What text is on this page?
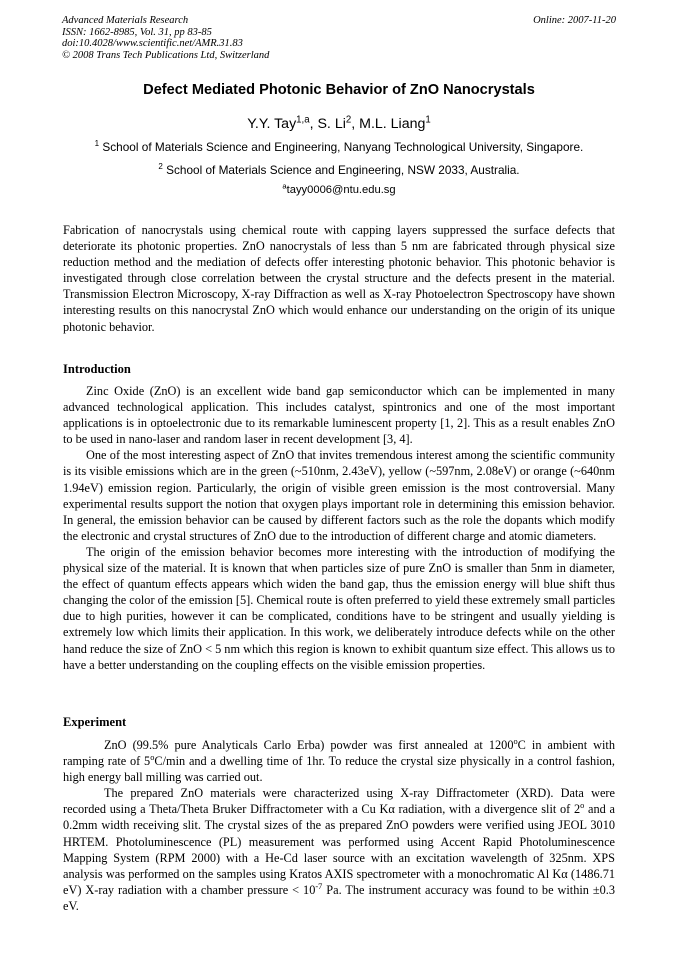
Advanced Materials Research
ISSN: 1662-8985, Vol. 31, pp 83-85
doi:10.4028/www.scientific.net/AMR.31.83
© 2008 Trans Tech Publications Ltd, Switzerland
Online: 2007-11-20
Defect Mediated Photonic Behavior of ZnO Nanocrystals
Y.Y. Tay$^{1,a}$, S. Li$^2$, M.L. Liang$^1$
$^1$ School of Materials Science and Engineering, Nanyang Technological University, Singapore.
$^2$ School of Materials Science and Engineering, NSW 2033, Australia.
$^a$tayy0006@ntu.edu.sg

Fabrication of nanocrystals using chemical route with capping layers suppressed the surface defects that deteriorate its photonic properties. ZnO nanocrystals of less than 5 nm are fabricated through physical size reduction method and the mediation of defects offer interesting photonic behavior. This photonic behavior is investigated through close correlation between the crystal structure and the defects present in the material. Transmission Electron Microscopy, X-ray Diffraction as well as X-ray Photoelectron Spectroscopy have shown interesting results on this nanocrystal ZnO which would enhance our understanding on the origin of its unique photonic behavior.

Introduction

Zinc Oxide (ZnO) is an excellent wide band gap semiconductor which can be implemented in many advanced technological application. This includes catalyst, spintronics and one of the most important applications is in optoelectronic due to its remarkable luminescent property [1, 2]. This as a result enables ZnO to be used in nano-laser and random laser in recent development [3, 4].

One of the most interesting aspect of ZnO that invites tremendous interest among the scientific community is its visible emissions which are in the green (~510nm, 2.43eV), yellow (~597nm, 2.08eV) or orange (~640nm 1.94eV) emission region. Particularly, the origin of visible green emission is the most controversial. Many experimental results support the notion that oxygen plays important role in determining this emission behavior. In general, the emission behavior can be caused by different factors such as the role the dopants which modify the electronic and crystal structures of ZnO due to the introduction of different charge and atomic diameters.

The origin of the emission behavior becomes more interesting with the introduction of modifying the physical size of the material. It is known that when particles size of pure ZnO is smaller than 5nm in diameter, the effect of quantum effects appears which widen the band gap, thus the emission energy will blue shift thus changing the color of the emission [5]. Chemical route is often preferred to yield these extremely small particles due to high purities, however it can be complicated, conditions have to be stringent and usually yielding is extremely low which limits their application. In this work, we deliberately introduce defects while on the other hand reduce the size of ZnO < 5 nm which this region is known to exhibit quantum size effect. This allows us to have a better understanding on the coupling effects on the visible emission properties.

Experiment

ZnO (99.5% pure Analyticals Carlo Erba) powder was first annealed at 1200$^o$C in ambient with ramping rate of 5$^o$C/min and a dwelling time of 1hr. To reduce the crystal size physically in a control fashion, high energy ball milling was carried out.

The prepared ZnO materials were characterized using X-ray Diffractometer (XRD). Data were recorded using a Theta/Theta Bruker Diffractometer with a Cu Kα radiation, with a divergence slit of 2$^o$ and a 0.2mm width receiving slit. The crystal sizes of the as prepared ZnO powders were verified using JEOL 3010 HRTEM. Photoluminescence (PL) measurement was performed using Accent Rapid Photoluminescence Mapping System (RPM 2000) with a He-Cd laser source with an excitation wavelength of 325nm. XPS analysis was performed on the samples using Kratos AXIS spectrometer with a monochromatic Al Kα (1486.71 eV) X-ray radiation with a chamber pressure < $10^{-7}$ Pa. The instrument accuracy was found to be within ±0.3 eV.
